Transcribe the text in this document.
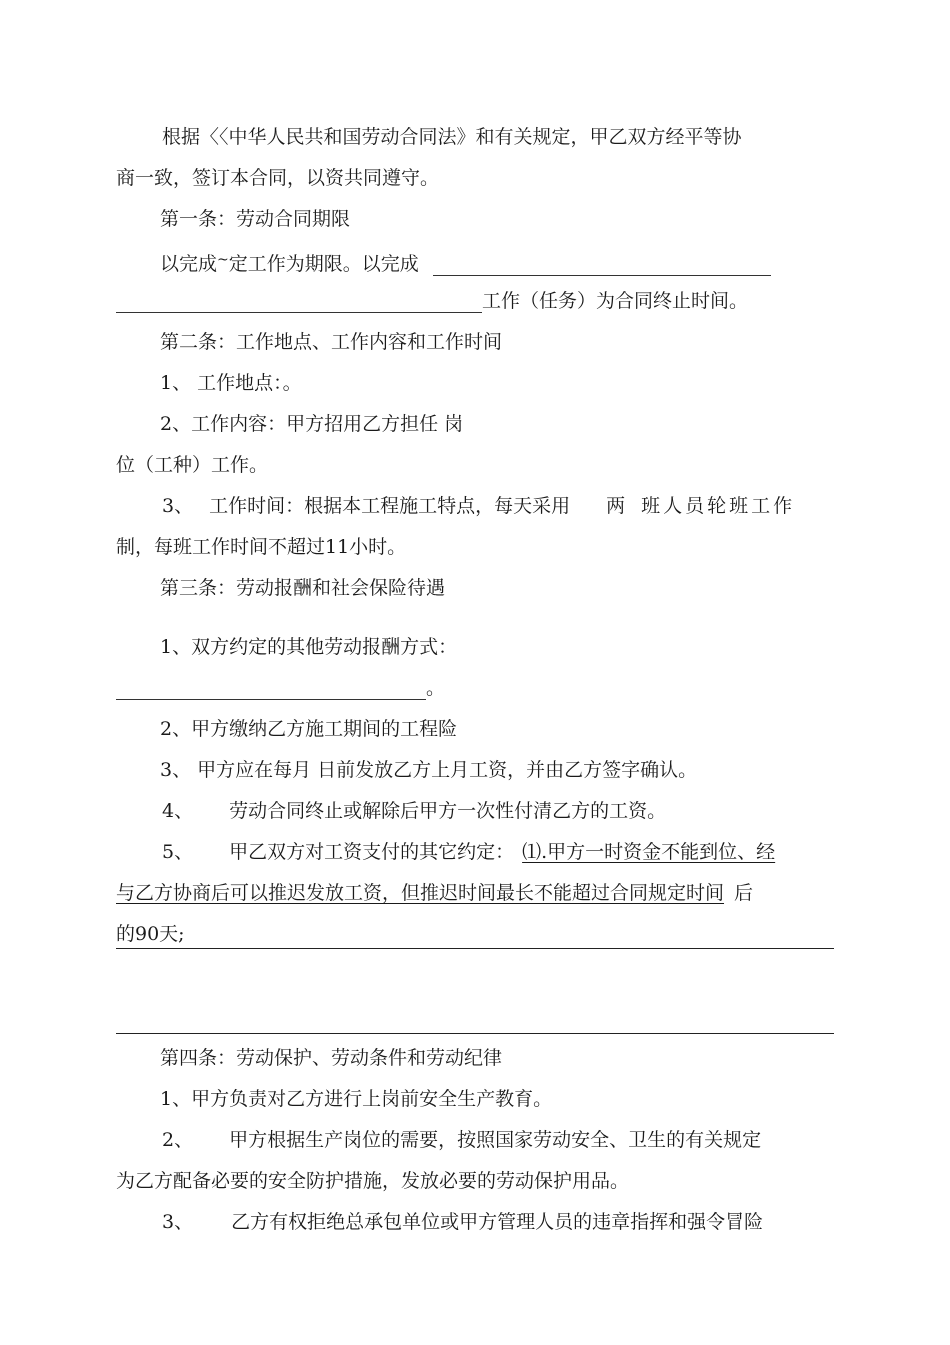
根据〈〈中华人民共和国劳动合同法》和有关规定，甲乙双方经平等协
商一致，签订本合同，以资共同遵守。
第一条：劳动合同期限
以完成~定工作为期限。以完成
工作（任务）为合同终止时间。
第二条：工作地点、工作内容和工作时间
1、 工作地点：。
2、工作内容：甲方招用乙方担任 岗
位（工种）工作。
3、 工作时间：根据本工程施工特点，每天采用 两 班人员轮班工作
制，每班工作时间不超过11小时。
第三条：劳动报酬和社会保险待遇
1、双方约定的其他劳动报酬方式：
。
2、甲方缴纳乙方施工期间的工程险
3、 甲方应在每月 日前发放乙方上月工资，并由乙方签字确认。
4、 劳动合同终止或解除后甲方一次性付清乙方的工资。
5、 甲乙双方对工资支付的其它约定： ⑴.甲方一时资金不能到位、经
与乙方协商后可以推迟发放工资，但推迟时间最长不能超过合同规定时间 后
的90天;
第四条：劳动保护、劳动条件和劳动纪律
1、甲方负责对乙方进行上岗前安全生产教育。
2、 甲方根据生产岗位的需要，按照国家劳动安全、卫生的有关规定
为乙方配备必要的安全防护措施，发放必要的劳动保护用品。
3、 乙方有权拒绝总承包单位或甲方管理人员的违章指挥和强令冒险
